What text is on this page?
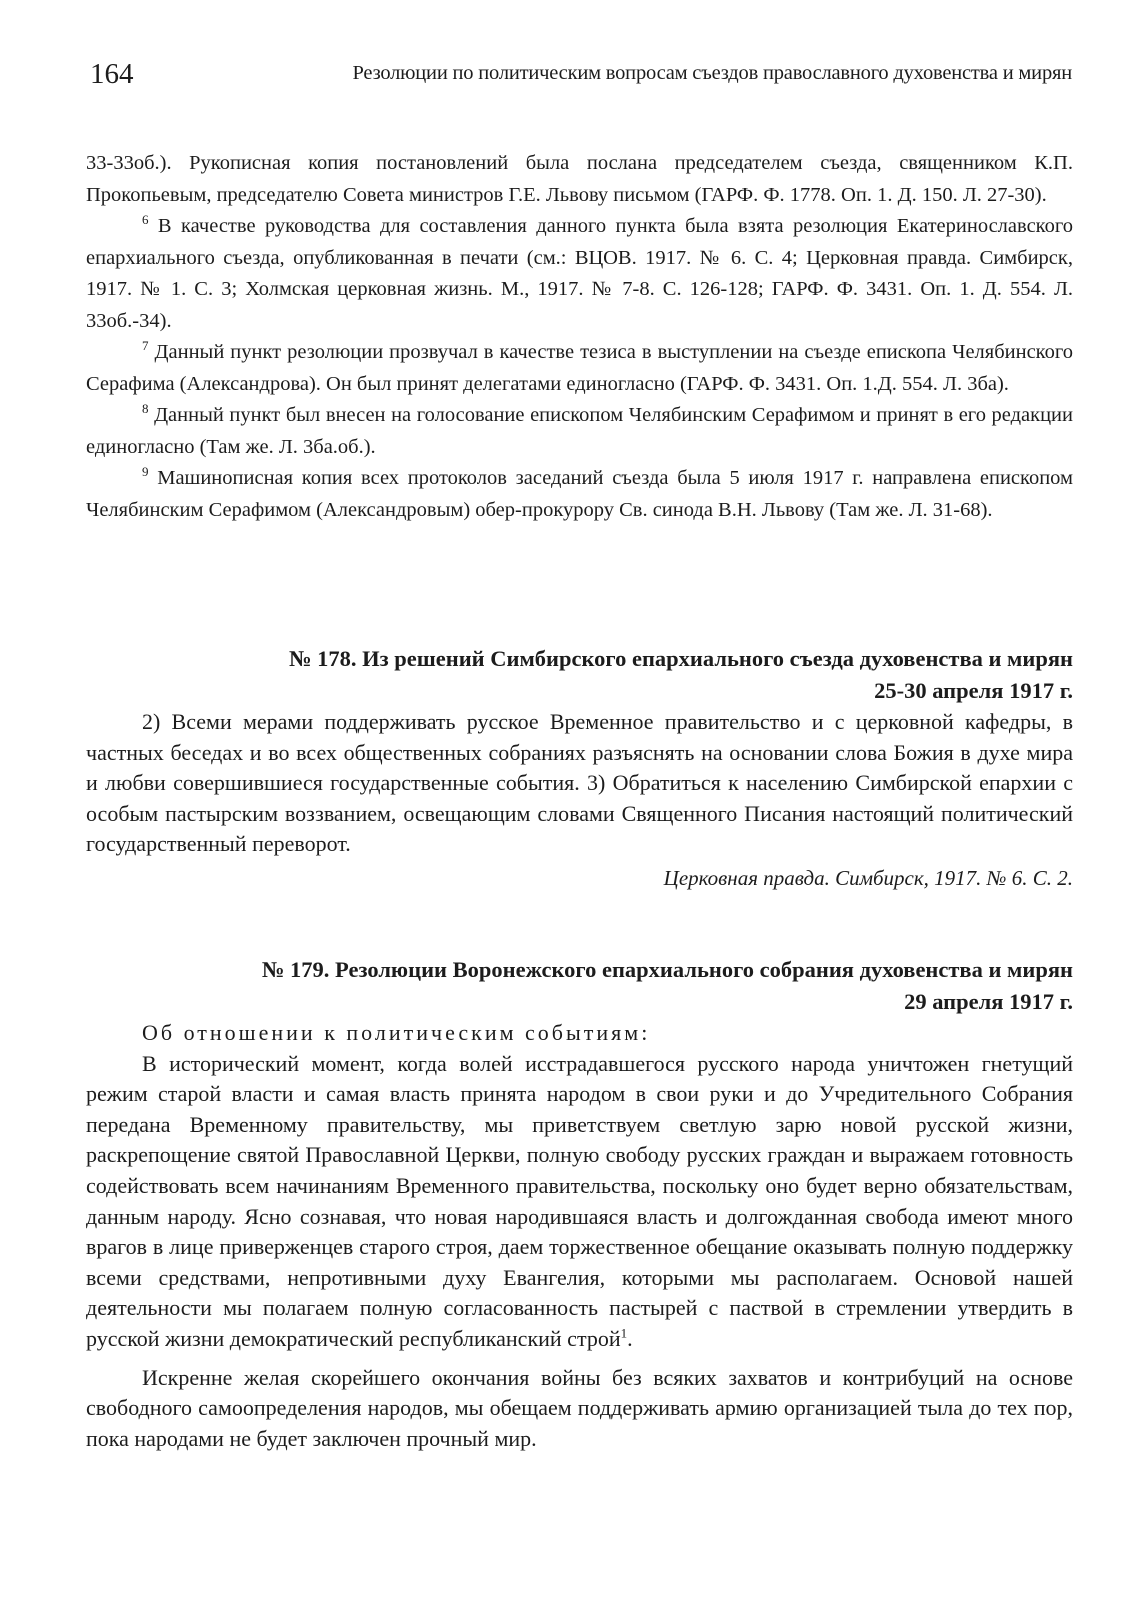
164	Резолюции по политическим вопросам съездов православного духовенства и мирян

33-33об.). Рукописная копия постановлений была послана председателем съезда, священником К.П. Прокопьевым, председателю Совета министров Г.Е. Львову письмом (ГАРФ. Ф. 1778. Оп. 1. Д. 150. Л. 27-30).

$^6$ В качестве руководства для составления данного пункта была взята резолюция Екатеринославского епархиального съезда, опубликованная в печати (см.: ВЦОВ. 1917. № 6. С. 4; Церковная правда. Симбирск, 1917. № 1. С. 3; Холмская церковная жизнь. М., 1917. № 7-8. С. 126-128; ГАРФ. Ф. 3431. Оп. 1. Д. 554. Л. 33об.-34).

$^7$ Данный пункт резолюции прозвучал в качестве тезиса в выступлении на съезде епископа Челябинского Серафима (Александрова). Он был принят делегатами единогласно (ГАРФ. Ф. 3431. Оп. 1.Д. 554. Л. 3ба).

$^8$ Данный пункт был внесен на голосование епископом Челябинским Серафимом и принят в его редакции единогласно (Там же. Л. 3ба.об.).

$^9$ Машинописная копия всех протоколов заседаний съезда была 5 июля 1917 г. направлена епископом Челябинским Серафимом (Александровым) обер-прокурору Св. синода В.Н. Львову (Там же. Л. 31-68).

№ 178. Из решений Симбирского епархиального съезда духовенства и мирян

25-30 апреля 1917 г.

2) Всеми мерами поддерживать русское Временное правительство и с церковной кафедры, в частных беседах и во всех общественных собраниях разъяснять на основании слова Божия в духе мира и любви совершившиеся государственные события. 3) Обратиться к населению Симбирской епархии с особым пастырским воззванием, освещающим словами Священного Писания настоящий политический государственный переворот.

Церковная правда. Симбирск, 1917. № 6. С. 2.

№ 179. Резолюции Воронежского епархиального собрания духовенства и мирян

29 апреля 1917 г.

Об отношении к политическим событиям:

В исторический момент, когда волей исстрадавшегося русского народа уничтожен гнетущий режим старой власти и самая власть принята народом в свои руки и до Учредительного Собрания передана Временному правительству, мы приветствуем светлую зарю новой русской жизни, раскрепощение святой Православной Церкви, полную свободу русских граждан и выражаем готовность содействовать всем начинаниям Временного правительства, поскольку оно будет верно обязательствам, данным народу. Ясно сознавая, что новая народившаяся власть и долгожданная свобода имеют много врагов в лице приверженцев старого строя, даем торжественное обещание оказывать полную поддержку всеми средствами, непротивными духу Евангелия, которыми мы располагаем. Основой нашей деятельности мы полагаем полную согласованность пастырей с паствой в стремлении утвердить в русской жизни демократический республиканский строй$^1$.

Искренне желая скорейшего окончания войны без всяких захватов и контрибуций на основе свободного самоопределения народов, мы обещаем поддерживать армию организацией тыла до тех пор, пока народами не будет заключен прочный мир.
